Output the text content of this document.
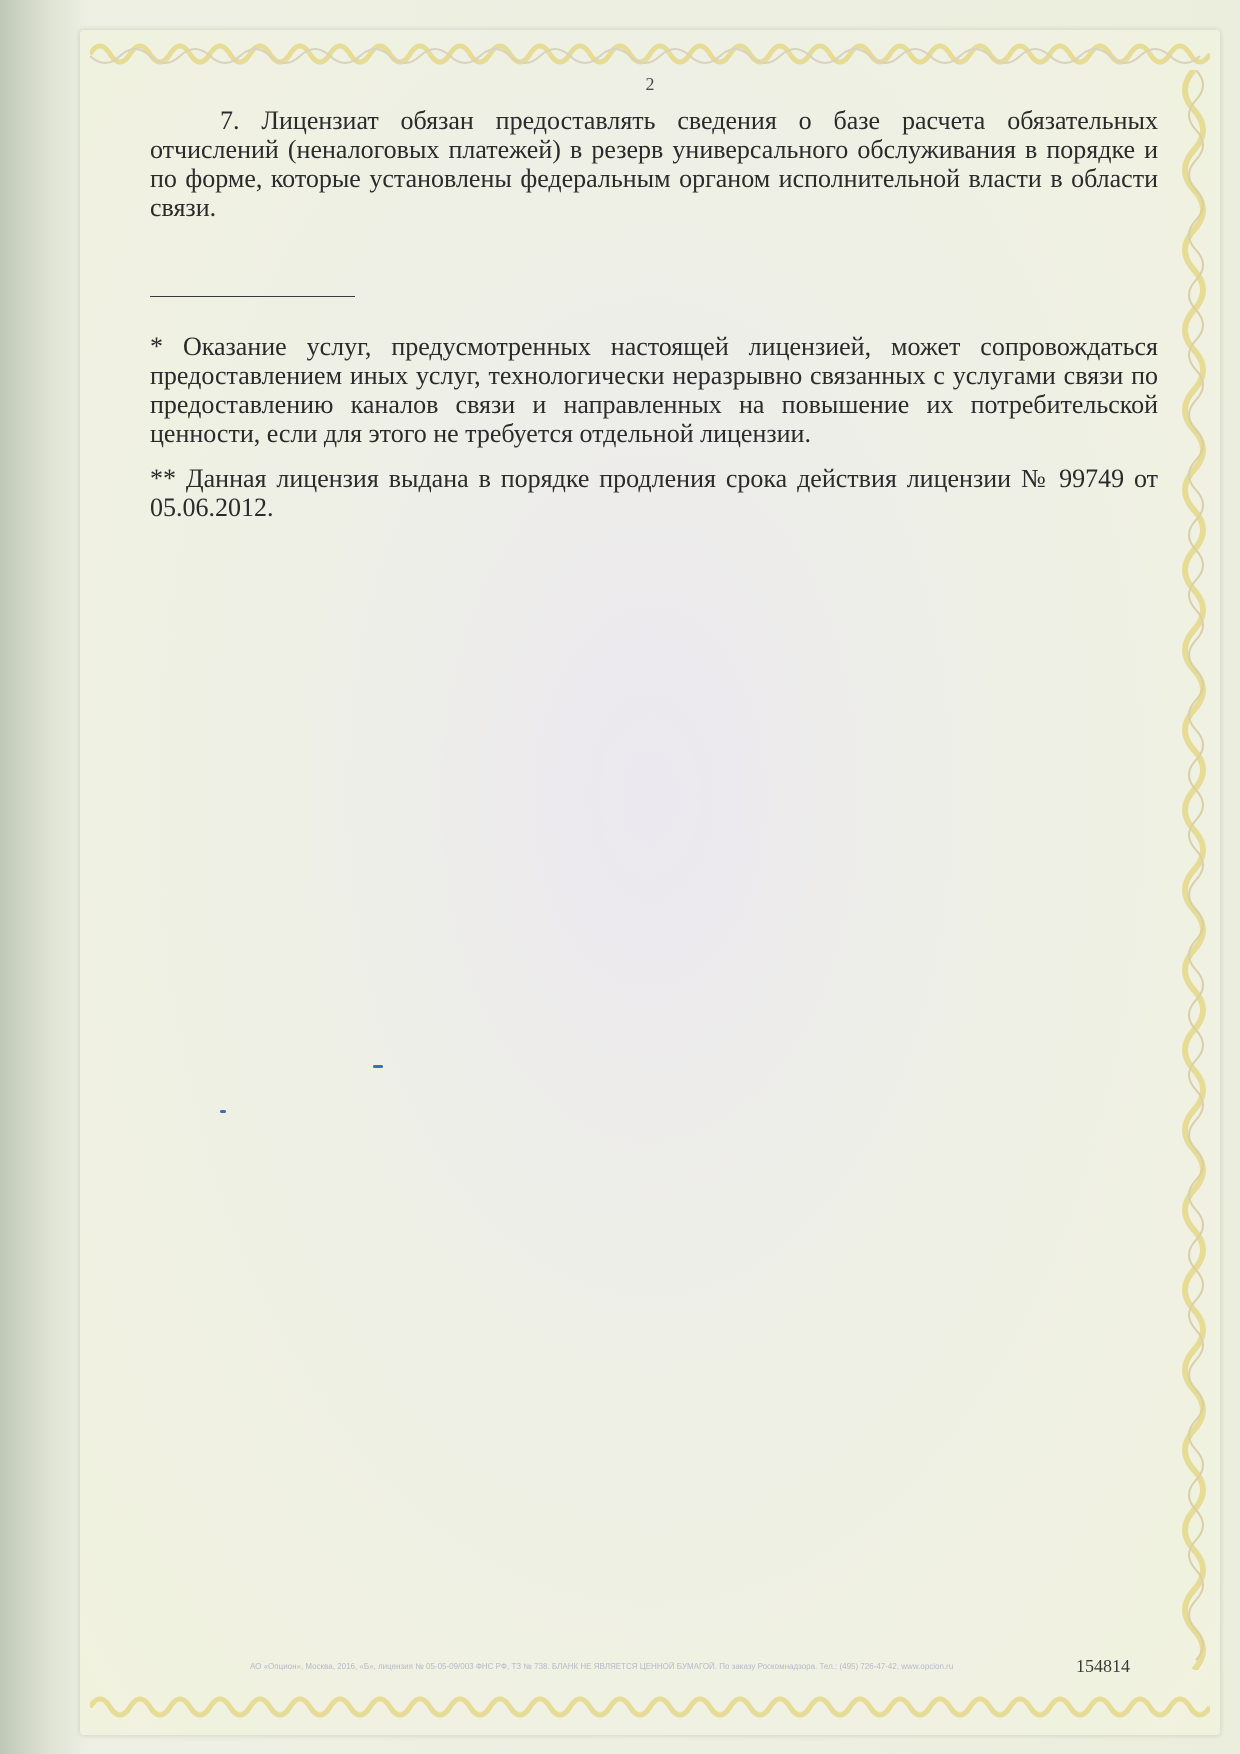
2
7. Лицензиат обязан предоставлять сведения о базе расчета обязательных отчислений (неналоговых платежей) в резерв универсального обслуживания в порядке и по форме, которые установлены федеральным органом исполнительной власти в области связи.
* Оказание услуг, предусмотренных настоящей лицензией, может сопровождаться предоставлением иных услуг, технологически неразрывно связанных с услугами связи по предоставлению каналов связи и направленных на повышение их потребительской ценности, если для этого не требуется отдельной лицензии.
** Данная лицензия выдана в порядке продления срока действия лицензии № 99749 от 05.06.2012.
АО «Опцион», Москва, 2016, «Б», лицензия № 05-05-09/003 ФНС РФ, ТЗ № 738. БЛАНК НЕ ЯВЛЯЕТСЯ ЦЕННОЙ БУМАГОЙ. По заказу Роскомнадзора. Тел.: (495) 726-47-42, www.opcion.ru	154814
